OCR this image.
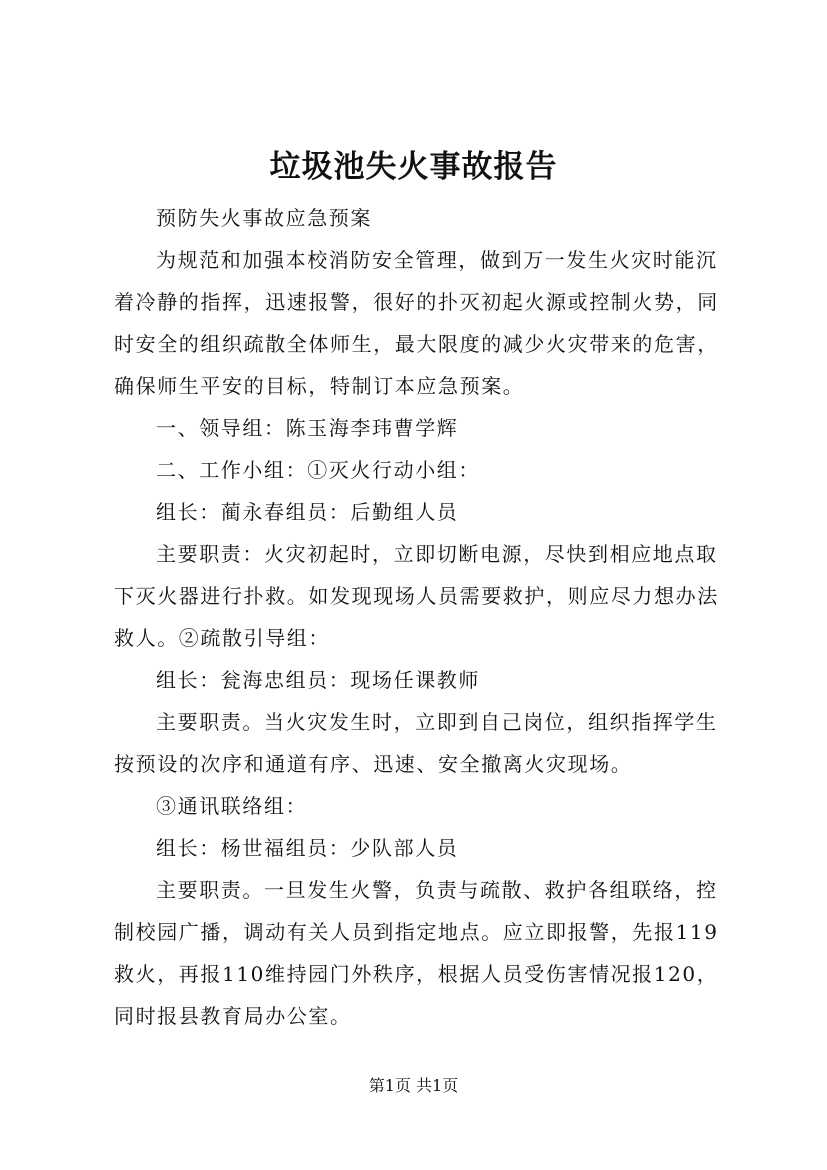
垃圾池失火事故报告
预防失火事故应急预案
为规范和加强本校消防安全管理，做到万一发生火灾时能沉
着冷静的指挥，迅速报警，很好的扑灭初起火源或控制火势，同
时安全的组织疏散全体师生，最大限度的减少火灾带来的危害，
确保师生平安的目标，特制订本应急预案。
一、领导组：陈玉海李玮曹学辉
二、工作小组：①灭火行动小组：
组长：蔺永春组员：后勤组人员
主要职责：火灾初起时，立即切断电源，尽快到相应地点取
下灭火器进行扑救。如发现现场人员需要救护，则应尽力想办法
救人。②疏散引导组：
组长：瓮海忠组员：现场任课教师
主要职责。当火灾发生时，立即到自己岗位，组织指挥学生
按预设的次序和通道有序、迅速、安全撤离火灾现场。
③通讯联络组：
组长：杨世福组员：少队部人员
主要职责。一旦发生火警，负责与疏散、救护各组联络，控
制校园广播，调动有关人员到指定地点。应立即报警，先报119
救火，再报110维持园门外秩序，根据人员受伤害情况报120，
同时报县教育局办公室。
第1页 共1页
